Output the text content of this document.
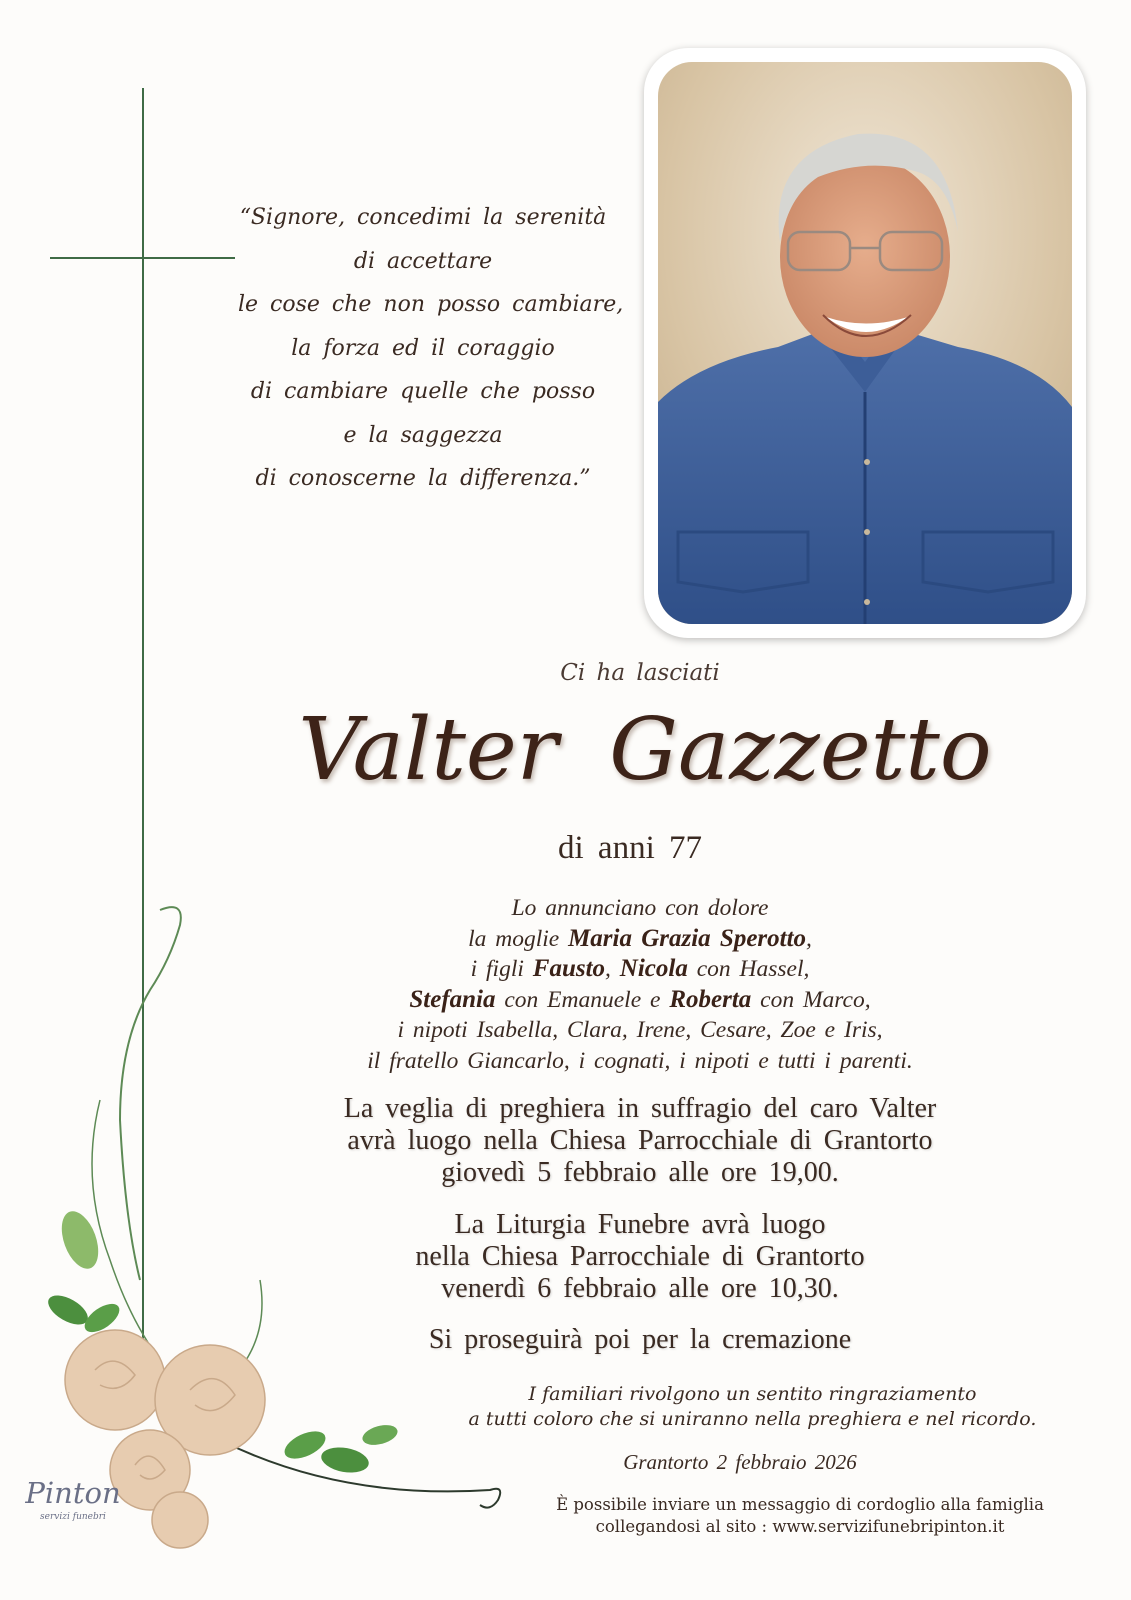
“Signore, concedimi la serenità
di accettare
le cose che non posso cambiare,
la forza ed il coraggio
di cambiare quelle che posso
e la saggezza
di conoscerne la differenza.”
Ci ha lasciati
Valter Gazzetto
di anni 77
Lo annunciano con dolore
la moglie Maria Grazia Sperotto,
i figli Fausto, Nicola con Hassel,
Stefania con Emanuele e Roberta con Marco,
i nipoti Isabella, Clara, Irene, Cesare, Zoe e Iris,
il fratello Giancarlo, i cognati, i nipoti e tutti i parenti.
La veglia di preghiera in suffragio del caro Valter
avrà luogo nella Chiesa Parrocchiale di Grantorto
giovedì 5 febbraio alle ore 19,00.
La Liturgia Funebre avrà luogo
nella Chiesa Parrocchiale di Grantorto
venerdì 6 febbraio alle ore 10,30.
Si proseguirà poi per la cremazione
I familiari rivolgono un sentito ringraziamento
a tutti coloro che si uniranno nella preghiera e nel ricordo.
Grantorto 2 febbraio 2026
È possibile inviare un messaggio di cordoglio alla famiglia
collegandosi al sito : www.servizifunebripinton.it
Pinton
servizi funebri
